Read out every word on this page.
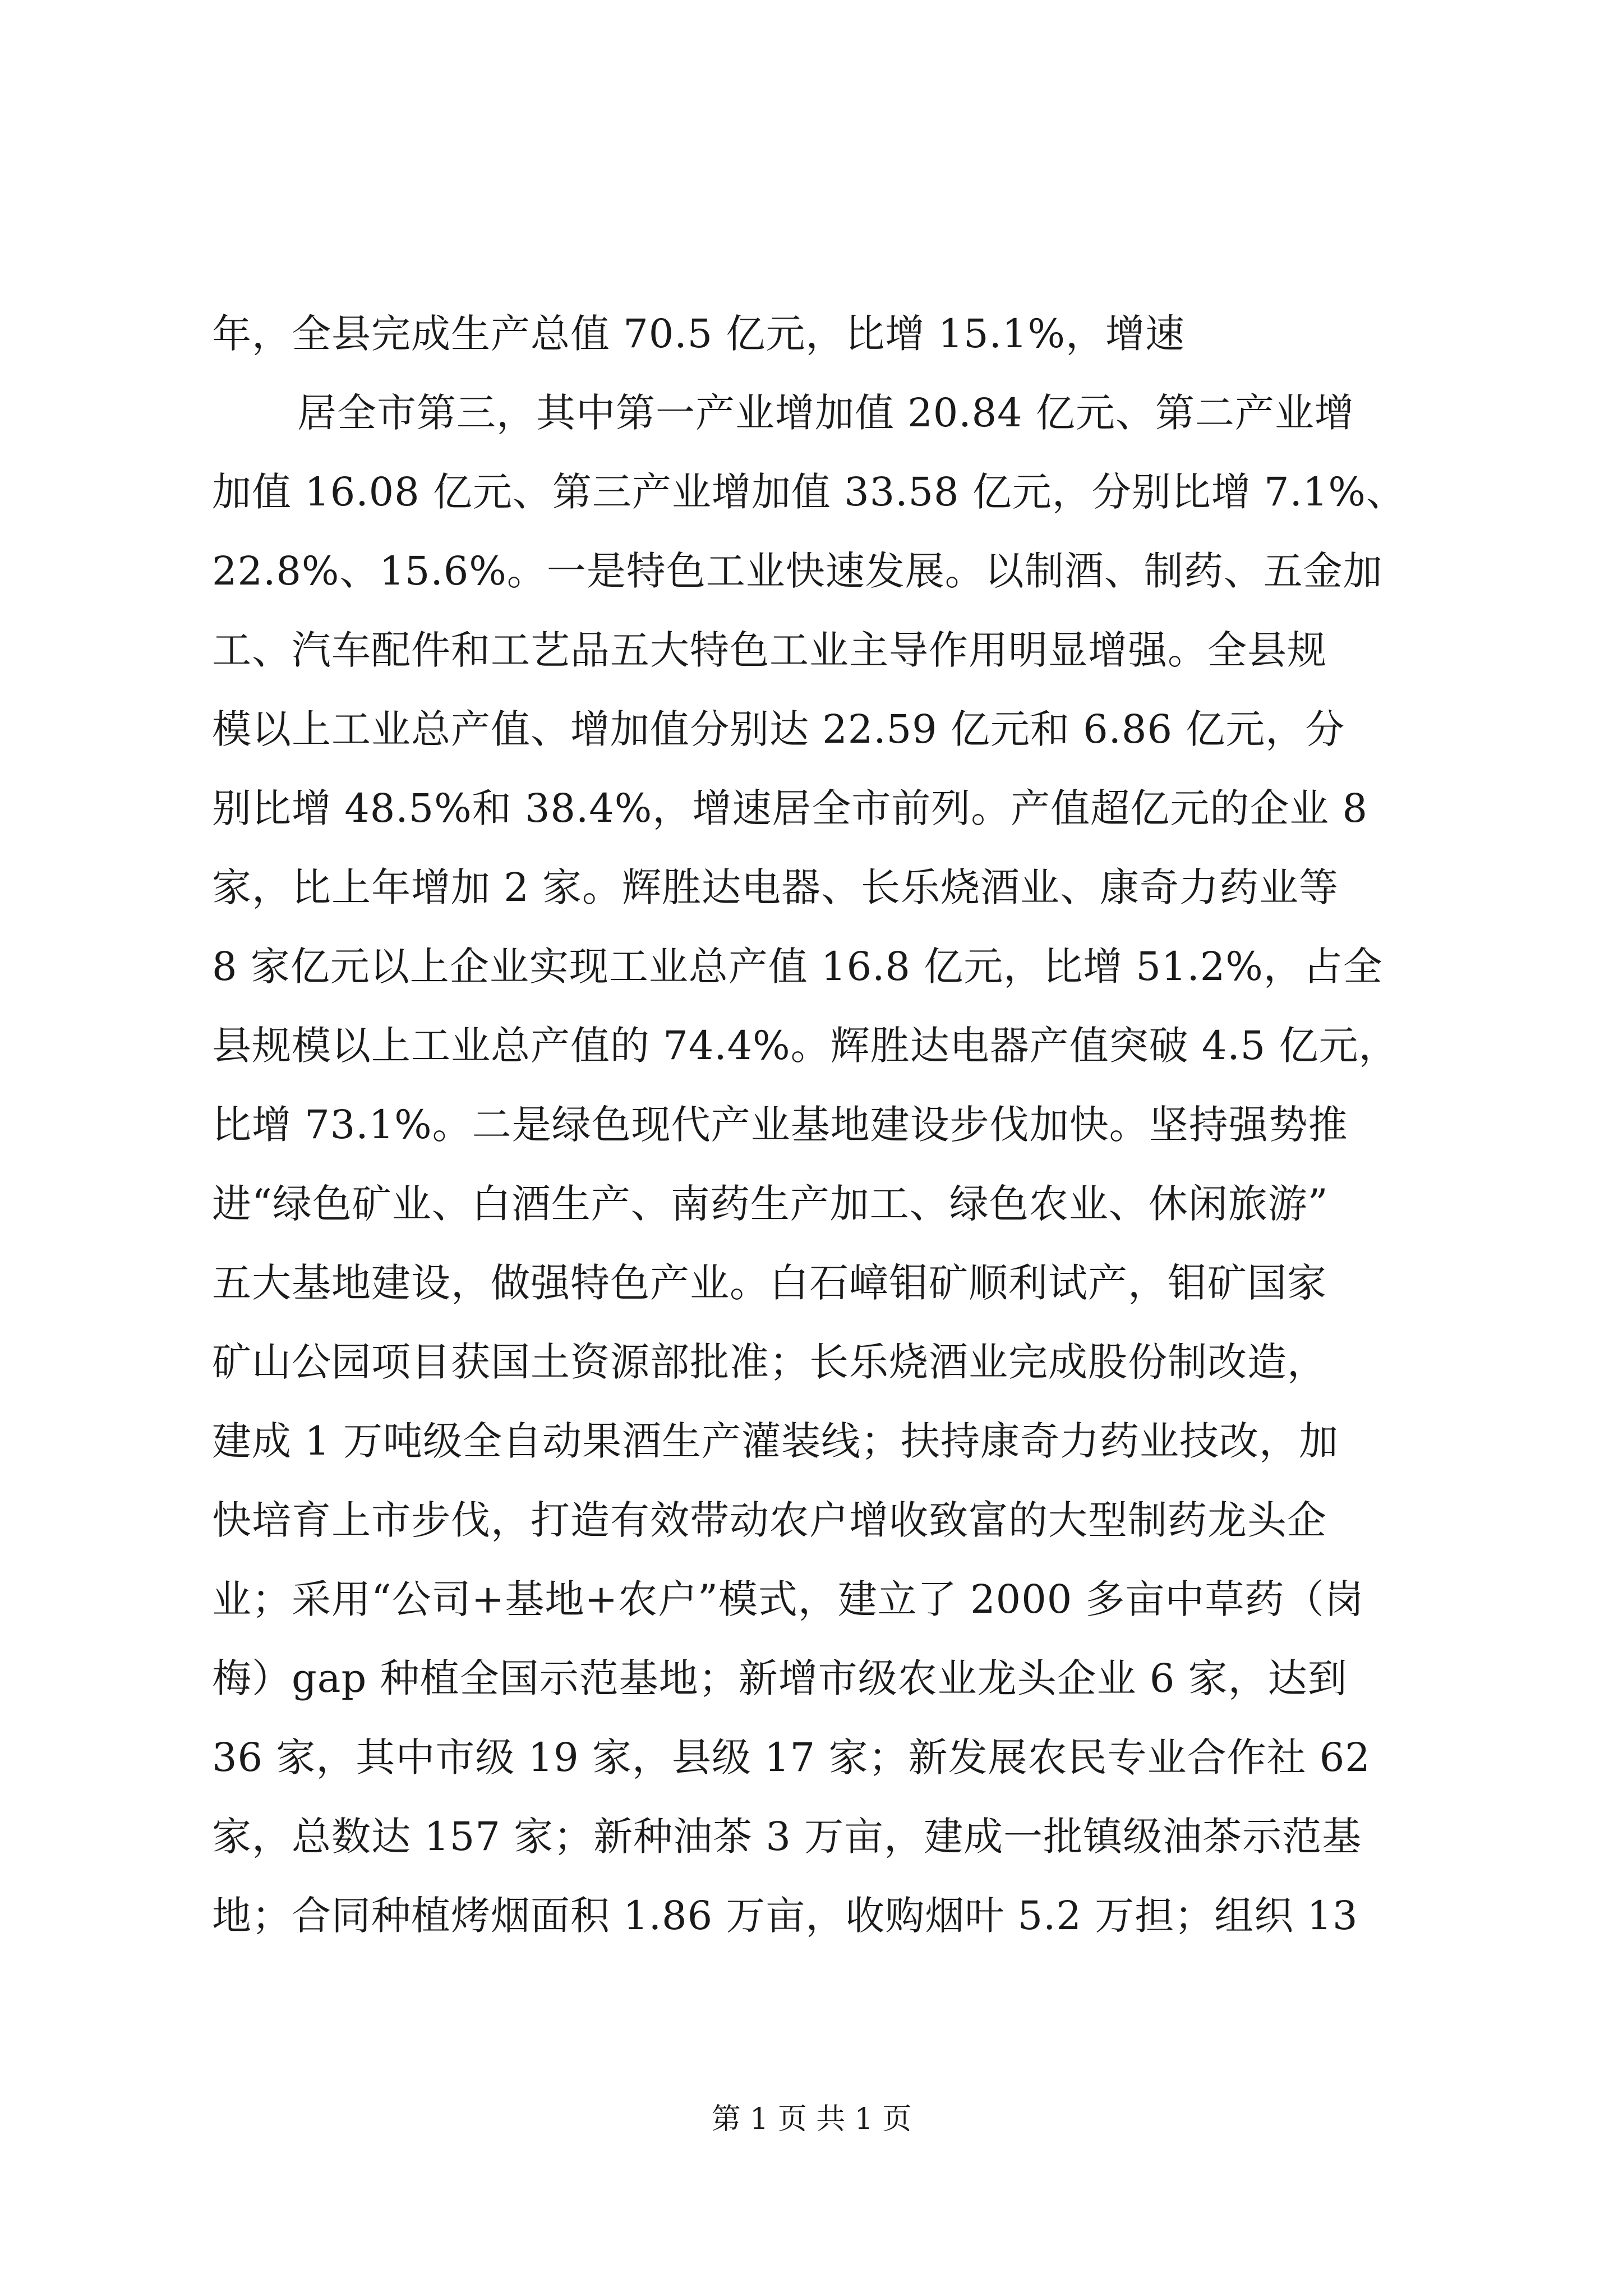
年，全县完成生产总值 70.5 亿元，比增 15.1%，增速
居全市第三，其中第一产业增加值 20.84 亿元、第二产业增
加值 16.08 亿元、第三产业增加值 33.58 亿元，分别比增 7.1%、
22.8%、15.6%。一是特色工业快速发展。以制酒、制药、五金加
工、汽车配件和工艺品五大特色工业主导作用明显增强。全县规
模以上工业总产值、增加值分别达 22.59 亿元和 6.86 亿元，分
别比增 48.5%和 38.4%，增速居全市前列。产值超亿元的企业 8
家，比上年增加 2 家。辉胜达电器、长乐烧酒业、康奇力药业等
8 家亿元以上企业实现工业总产值 16.8 亿元，比增 51.2%，占全
县规模以上工业总产值的 74.4%。辉胜达电器产值突破 4.5 亿元，
比增 73.1%。二是绿色现代产业基地建设步伐加快。坚持强势推
进“绿色矿业、白酒生产、南药生产加工、绿色农业、休闲旅游”
五大基地建设，做强特色产业。白石嶂钼矿顺利试产，钼矿国家
矿山公园项目获国土资源部批准；长乐烧酒业完成股份制改造，
建成 1 万吨级全自动果酒生产灌装线；扶持康奇力药业技改，加
快培育上市步伐，打造有效带动农户增收致富的大型制药龙头企
业；采用“公司+基地+农户”模式，建立了 2000 多亩中草药（岗
梅）gap 种植全国示范基地；新增市级农业龙头企业 6 家，达到
36 家，其中市级 19 家，县级 17 家；新发展农民专业合作社 62
家，总数达 157 家；新种油茶 3 万亩，建成一批镇级油茶示范基
地；合同种植烤烟面积 1.86 万亩，收购烟叶 5.2 万担；组织 13
第 1 页 共 1 页
